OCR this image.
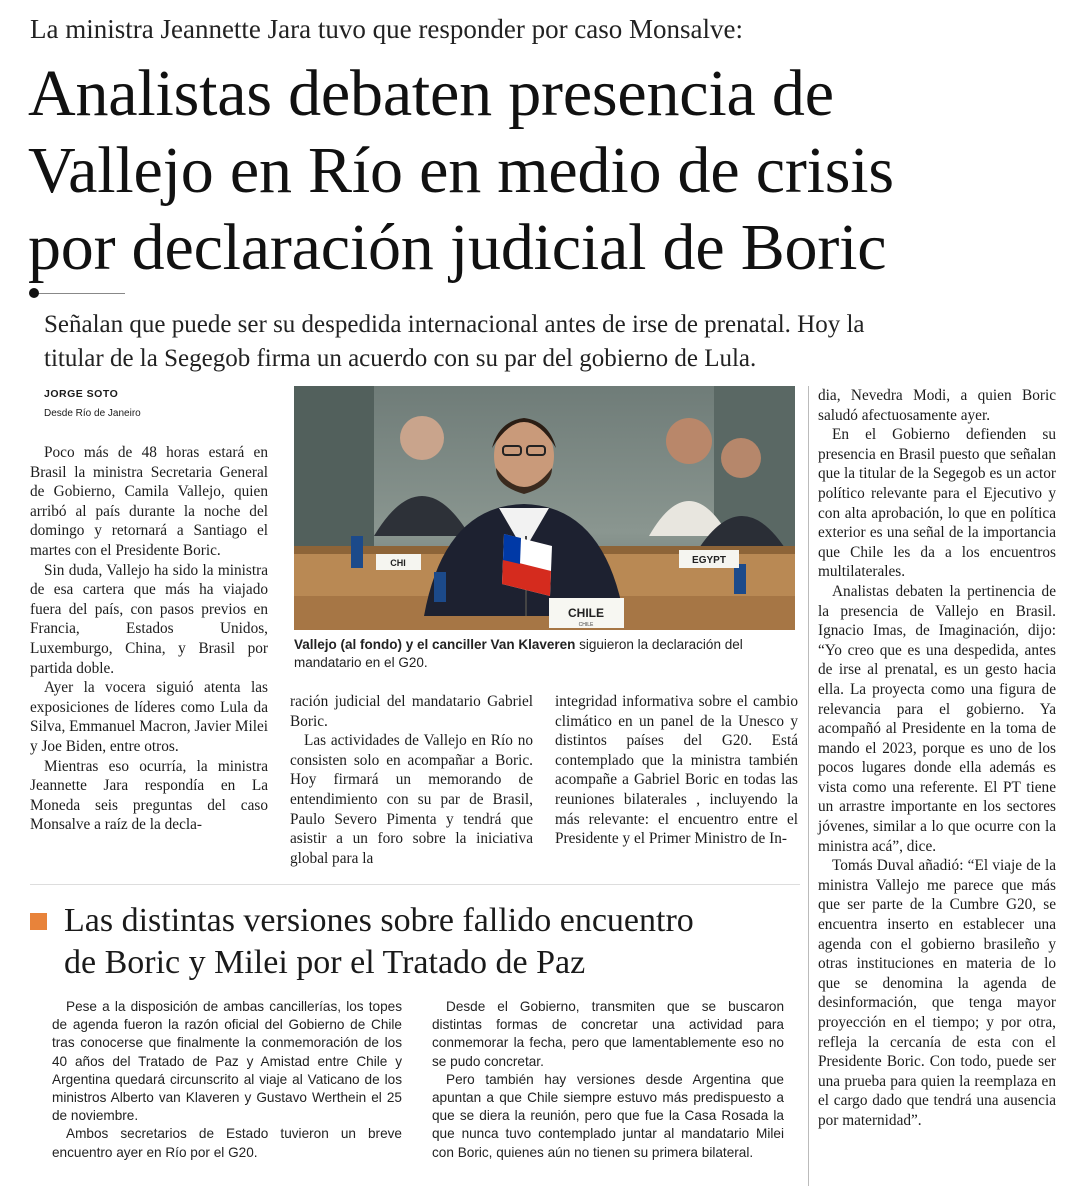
La ministra Jeannette Jara tuvo que responder por caso Monsalve:
Analistas debaten presencia de
Vallejo en Río en medio de crisis
por declaración judicial de Boric
Señalan que puede ser su despedida internacional antes de irse de prenatal. Hoy la
titular de la Segegob firma un acuerdo con su par del gobierno de Lula.
JORGE SOTO
Desde Río de Janeiro

Poco más de 48 horas estará en Brasil la ministra Secretaria General de Gobierno, Camila Vallejo, quien arribó al país durante la noche del domingo y retornará a Santiago el martes con el Presidente Boric.

Sin duda, Vallejo ha sido la ministra de esa cartera que más ha viajado fuera del país, con pasos previos en Francia, Estados Unidos, Luxemburgo, China, y Brasil por partida doble.

Ayer la vocera siguió atenta las exposiciones de líderes como Lula da Silva, Emmanuel Macron, Javier Milei y Joe Biden, entre otros.

Mientras eso ocurría, la ministra Jeannette Jara respondía en La Moneda seis preguntas del caso Monsalve a raíz de la decla-

CHI	EGYPT
CHILE
CHILE
Vallejo (al fondo) y el canciller Van Klaveren siguieron la declaración del mandatario en el G20.

ración judicial del mandatario Gabriel Boric.

Las actividades de Vallejo en Río no consisten solo en acompañar a Boric. Hoy firmará un memorando de entendimiento con su par de Brasil, Paulo Severo Pimenta y tendrá que asistir a un foro sobre la iniciativa global para la

integridad informativa sobre el cambio climático en un panel de la Unesco y distintos países del G20. Está contemplado que la ministra también acompañe a Gabriel Boric en todas las reuniones bilaterales , incluyendo la más relevante: el encuentro entre el Presidente y el Primer Ministro de In-

dia, Nevedra Modi, a quien Boric saludó afectuosamente ayer.

En el Gobierno defienden su presencia en Brasil puesto que señalan que la titular de la Segegob es un actor político relevante para el Ejecutivo y con alta aprobación, lo que en política exterior es una señal de la importancia que Chile les da a los encuentros multilaterales.

Analistas debaten la pertinencia de la presencia de Vallejo en Brasil. Ignacio Imas, de Imaginación, dijo: “Yo creo que es una despedida, antes de irse al prenatal, es un gesto hacia ella. La proyecta como una figura de relevancia para el gobierno. Ya acompañó al Presidente en la toma de mando el 2023, porque es uno de los pocos lugares donde ella además es vista como una referente. El PT tiene un arrastre importante en los sectores jóvenes, similar a lo que ocurre con la ministra acá”, dice.

Tomás Duval añadió: “El viaje de la ministra Vallejo me parece que más que ser parte de la Cumbre G20, se encuentra inserto en establecer una agenda con el gobierno brasileño y otras instituciones en materia de lo que se denomina la agenda de desinformación, que tenga mayor proyección en el tiempo; y por otra, refleja la cercanía de esta con el Presidente Boric. Con todo, puede ser una prueba para quien la reemplaza en el cargo dado que tendrá una ausencia por maternidad”.

Las distintas versiones sobre fallido encuentro
de Boric y Milei por el Tratado de Paz

Pese a la disposición de ambas cancillerías, los topes de agenda fueron la razón oficial del Gobierno de Chile tras conocerse que finalmente la conmemoración de los 40 años del Tratado de Paz y Amistad entre Chile y Argentina quedará circunscrito al viaje al Vaticano de los ministros Alberto van Klaveren y Gustavo Werthein el 25 de noviembre.

Ambos secretarios de Estado tuvieron un breve encuentro ayer en Río por el G20.

Desde el Gobierno, transmiten que se buscaron distintas formas de concretar una actividad para conmemorar la fecha, pero que lamentablemente eso no se pudo concretar.

Pero también hay versiones desde Argentina que apuntan a que Chile siempre estuvo más predispuesto a que se diera la reunión, pero que fue la Casa Rosada la que nunca tuvo contemplado juntar al mandatario Milei con Boric, quienes aún no tienen su primera bilateral.
